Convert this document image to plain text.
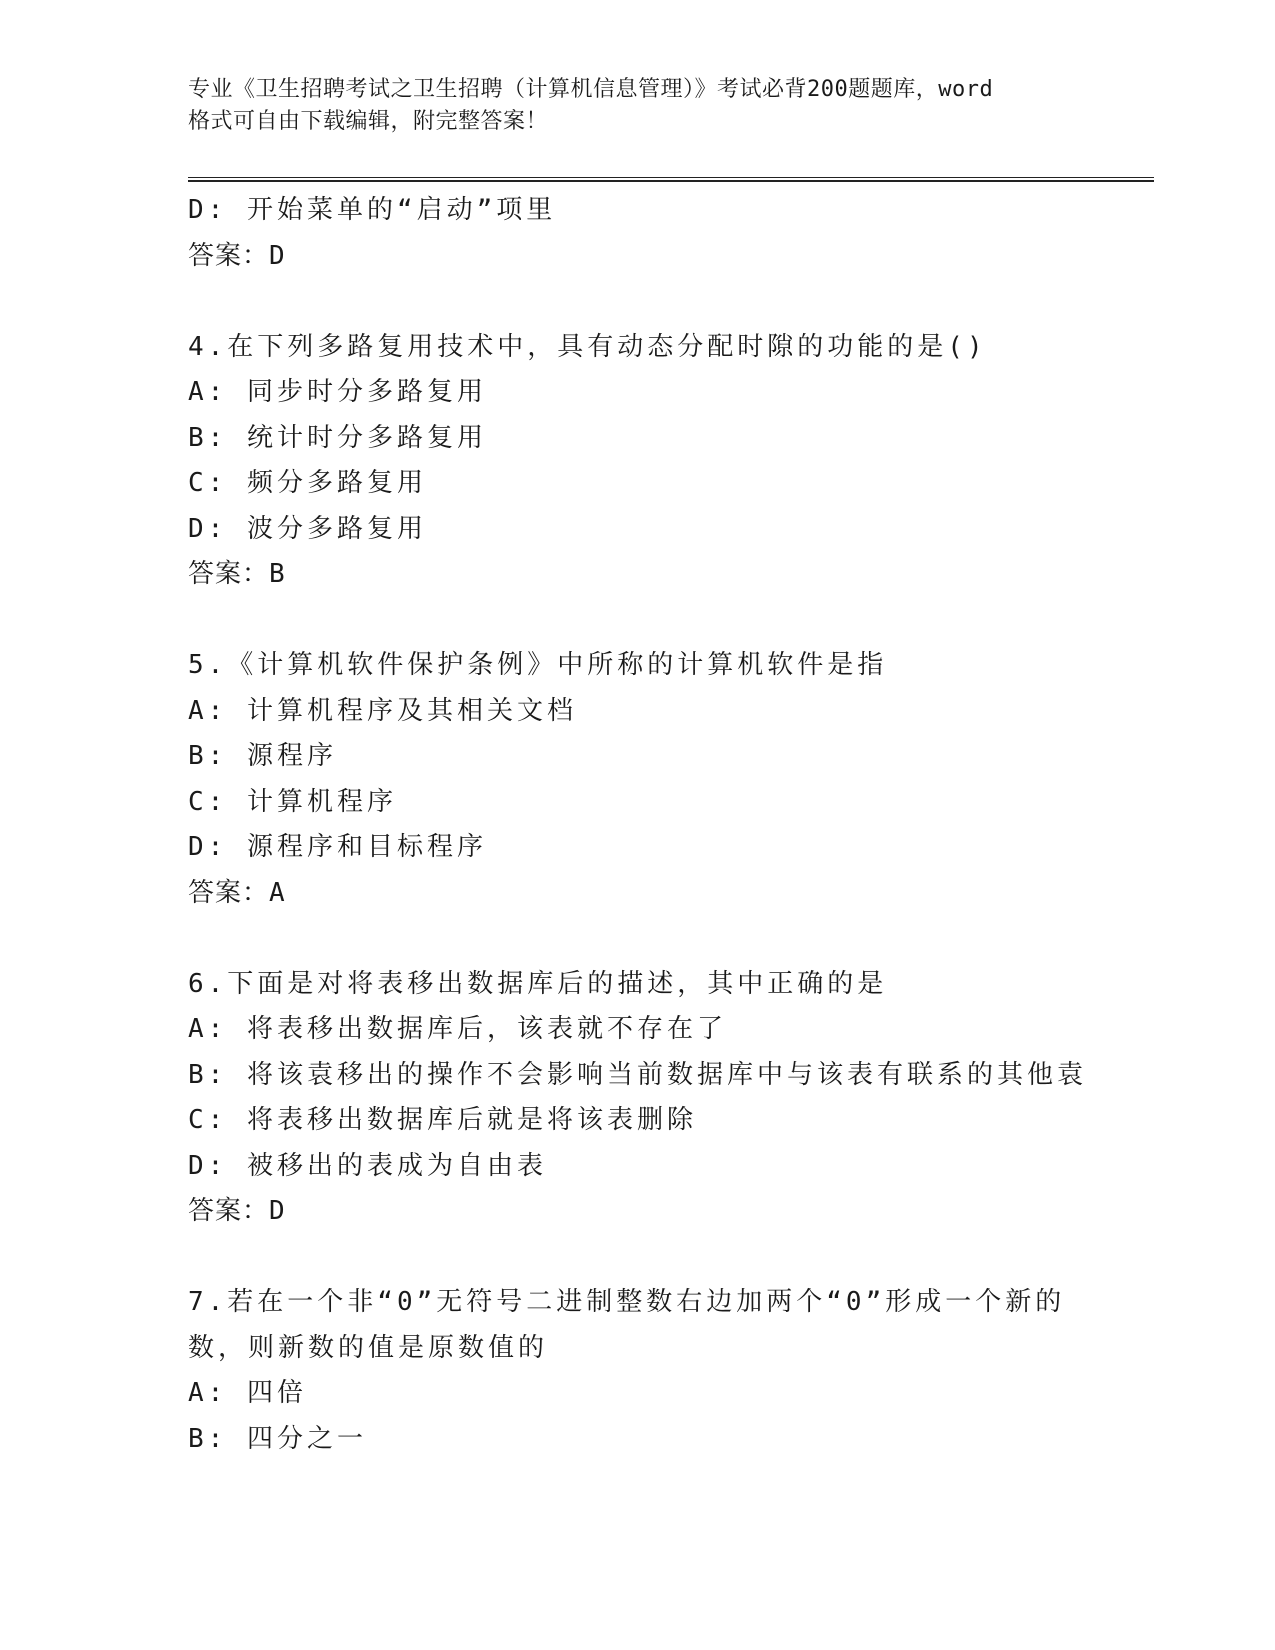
专业《卫生招聘考试之卫生招聘（计算机信息管理）》考试必背200题题库，word
格式可自由下载编辑，附完整答案！
D: 开始菜单的“启动”项里
答案：D
4.在下列多路复用技术中，具有动态分配时隙的功能的是()
A: 同步时分多路复用
B: 统计时分多路复用
C: 频分多路复用
D: 波分多路复用
答案：B
5.《计算机软件保护条例》中所称的计算机软件是指
A: 计算机程序及其相关文档
B: 源程序
C: 计算机程序
D: 源程序和目标程序
答案：A
6.下面是对将表移出数据库后的描述，其中正确的是
A: 将表移出数据库后，该表就不存在了
B: 将该袁移出的操作不会影响当前数据库中与该表有联系的其他袁
C: 将表移出数据库后就是将该表删除
D: 被移出的表成为自由表
答案：D
7.若在一个非“0”无符号二进制整数右边加两个“0”形成一个新的
数，则新数的值是原数值的
A: 四倍
B: 四分之一
